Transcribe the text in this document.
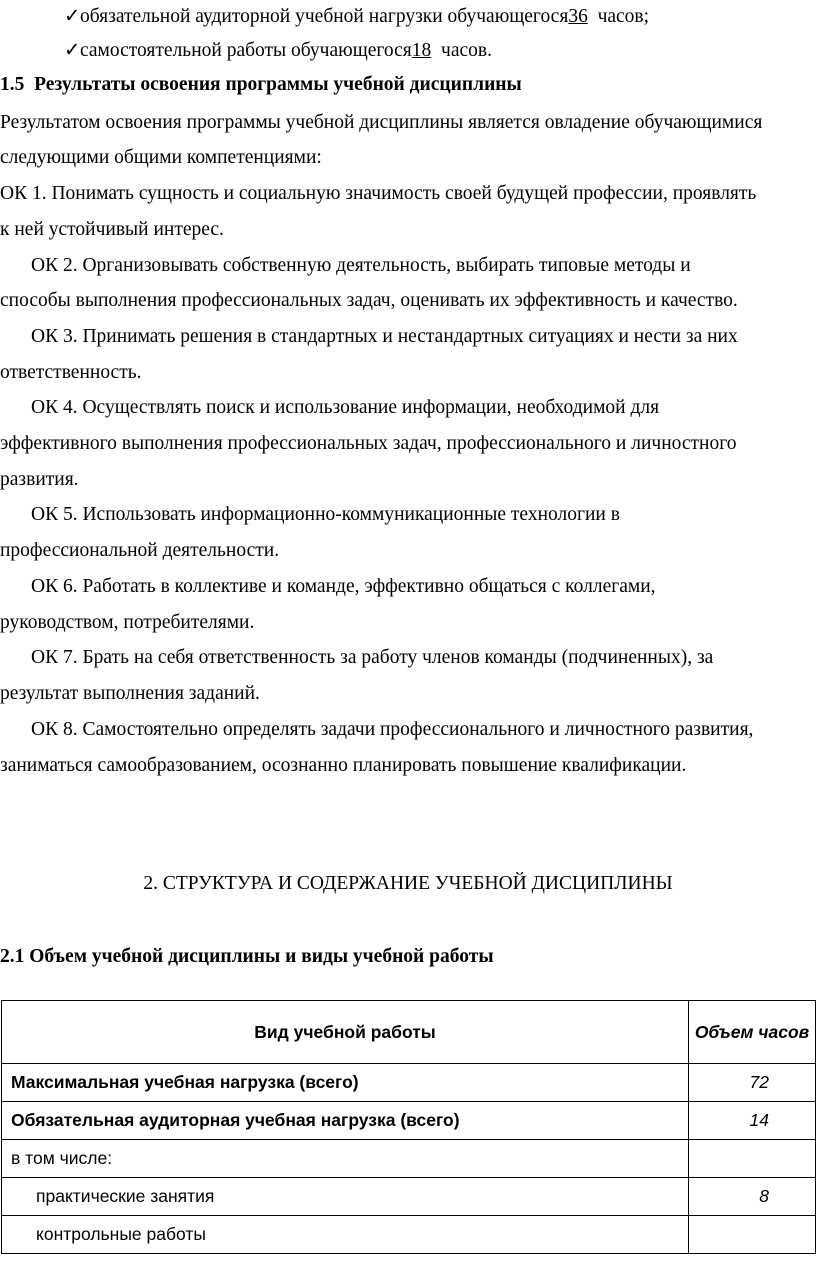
✓обязательной аудиторной учебной нагрузки обучающегося36  часов;
✓самостоятельной работы обучающегося18  часов.
1.5  Результаты освоения программы учебной дисциплины
Результатом освоения программы учебной дисциплины является овладение обучающимися
следующими общими компетенциями:
ОК 1. Понимать сущность и социальную значимость своей будущей профессии, проявлять
к ней устойчивый интерес.
ОК 2. Организовывать собственную деятельность, выбирать типовые методы и
способы выполнения профессиональных задач, оценивать их эффективность и качество.
ОК 3. Принимать решения в стандартных и нестандартных ситуациях и нести за них
ответственность.
ОК 4. Осуществлять поиск и использование информации, необходимой для
эффективного выполнения профессиональных задач, профессионального и личностного
развития.
ОК 5. Использовать информационно-коммуникационные технологии в
профессиональной деятельности.
ОК 6. Работать в коллективе и команде, эффективно общаться с коллегами,
руководством, потребителями.
ОК 7. Брать на себя ответственность за работу членов команды (подчиненных), за
результат выполнения заданий.
ОК 8. Самостоятельно определять задачи профессионального и личностного развития,
заниматься самообразованием, осознанно планировать повышение квалификации.
2. СТРУКТУРА И СОДЕРЖАНИЕ УЧЕБНОЙ ДИСЦИПЛИНЫ
2.1 Объем учебной дисциплины и виды учебной работы
Вид учебной работы	Объем часов
Максимальная учебная нагрузка (всего)	72
Обязательная аудиторная учебная нагрузка (всего)	14
в том числе:	
практические занятия	8
контрольные работы	
